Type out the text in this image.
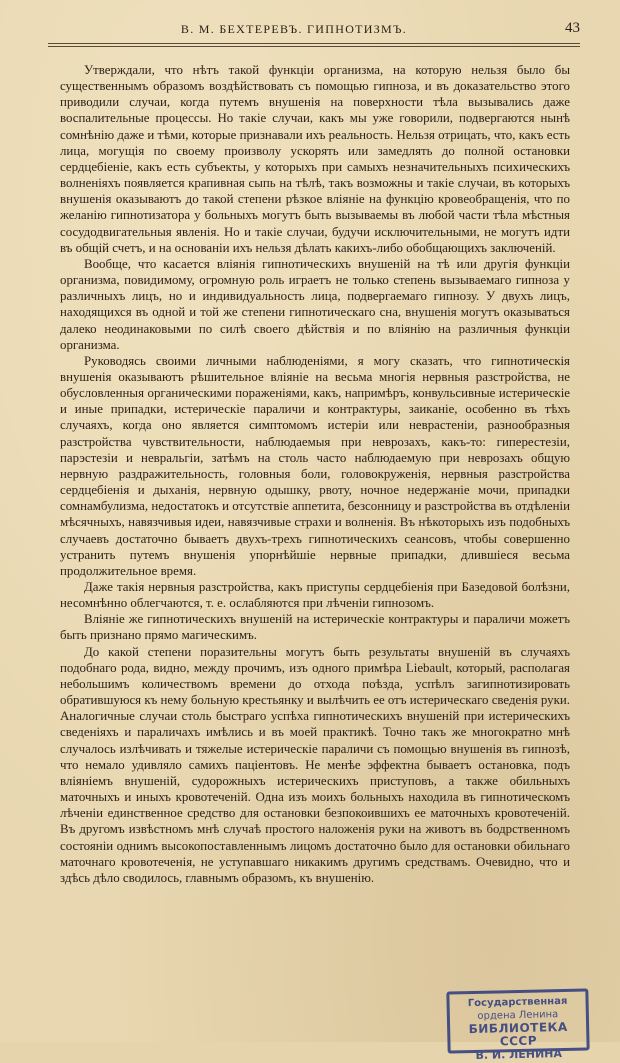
В. М. БЕХТЕРЕВЪ. ГИПНОТИЗМЪ.	43

Утверждали, что нѣтъ такой функціи организма, на которую нельзя было бы существеннымъ образомъ воздѣйствовать съ помощью гипноза, и въ доказательство этого приводили случаи, когда путемъ внушенія на поверхности тѣла вызывались даже воспалительные процессы. Но такіе случаи, какъ мы уже говорили, подвергаются нынѣ сомнѣнію даже и тѣми, которые признавали ихъ реальность. Нельзя отрицать, что, какъ есть лица, могущія по своему произволу ускорять или замедлять до полной остановки сердцебіеніе, какъ есть субъекты, у которыхъ при самыхъ незначительныхъ психическихъ волненіяхъ появляется крапивная сыпь на тѣлѣ, такъ возможны и такіе случаи, въ которыхъ внушенія оказываютъ до такой степени рѣзкое вліяніе на функцію кровеобращенія, что по желанію гипнотизатора у больныхъ могутъ быть вызываемы въ любой части тѣла мѣстныя сосудодвигательныя явленія. Но и такіе случаи, будучи исключительными, не могутъ идти въ общій счетъ, и на основаніи ихъ нельзя дѣлать какихъ-либо обобщающихъ заключеній.

Вообще, что касается вліянія гипнотическихъ внушеній на тѣ или другія функціи организма, повидимому, огромную роль играетъ не только степень вызываемаго гипноза у различныхъ лицъ, но и индивидуальность лица, подвергаемаго гипнозу. У двухъ лицъ, находящихся въ одной и той же степени гипнотическаго сна, внушенія могутъ оказываться далеко неодинаковыми по силѣ своего дѣйствія и по вліянію на различныя функціи организма.

Руководясь своими личными наблюденіями, я могу сказать, что гипнотическія внушенія оказываютъ рѣшительное вліяніе на весьма многія нервныя разстройства, не обусловленныя органическими пораженіями, какъ, напримѣръ, конвульсивные истерическіе и иные припадки, истерическіе параличи и контрактуры, заиканіе, особенно въ тѣхъ случаяхъ, когда оно является симптомомъ истеріи или неврастеніи, разнообразныя разстройства чувствительности, наблюдаемыя при неврозахъ, какъ-то: гиперестезіи, парэстезіи и невральгіи, затѣмъ на столь часто наблюдаемую при неврозахъ общую нервную раздражительность, головныя боли, головокруженія, нервныя разстройства сердцебіенія и дыханія, нервную одышку, рвоту, ночное недержаніе мочи, припадки сомнамбулизма, недостатокъ и отсутствіе аппетита, безсонницу и разстройства въ отдѣленіи мѣсячныхъ, навязчивыя идеи, навязчивые страхи и волненія. Въ нѣкоторыхъ изъ подобныхъ случаевъ достаточно бываетъ двухъ-трехъ гипнотическихъ сеансовъ, чтобы совершенно устранить путемъ внушенія упорнѣйшіе нервные припадки, длившіеся весьма продолжительное время.

Даже такія нервныя разстройства, какъ приступы сердцебіенія при Базедовой болѣзни, несомнѣнно облегчаются, т. е. ослабляются при лѣченіи гипнозомъ.

Вліяніе же гипнотическихъ внушеній на истерическіе контрактуры и параличи можетъ быть признано прямо магическимъ.

До какой степени поразительны могутъ быть результаты внушеній въ случаяхъ подобнаго рода, видно, между прочимъ, изъ одного примѣра Liebault, который, располагая небольшимъ количествомъ времени до отхода поѣзда, успѣлъ загипнотизировать обратившуюся къ нему больную крестьянку и вылѣчить ее отъ истерическаго сведенія руки. Аналогичные случаи столь быстраго успѣха гипнотическихъ внушеній при истерическихъ сведеніяхъ и параличахъ имѣлись и въ моей практикѣ. Точно такъ же многократно мнѣ случалось излѣчивать и тяжелые истерическіе параличи съ помощью внушенія въ гипнозѣ, что немало удивляло самихъ пацiентовъ. Не менѣе эффектна бываетъ остановка, подъ вліяніемъ внушеній, судорожныхъ истерическихъ приступовъ, а также обильныхъ маточныхъ и иныхъ кровотеченій. Одна изъ моихъ больныхъ находила въ гипнотическомъ лѣченіи единственное средство для остановки безпокоившихъ ее маточныхъ кровотеченій. Въ другомъ извѣстномъ мнѣ случаѣ простого наложенія руки на животъ въ бодрственномъ состояніи однимъ высокопоставленнымъ лицомъ достаточно было для остановки обильнаго маточнаго кровотеченія, не уступавшаго никакимъ другимъ средствамъ. Очевидно, что и здѣсь дѣло сводилось, главнымъ образомъ, къ внушенію.

Государственная
ордена Ленина
БИБЛИОТЕКА СССР
В. И. ЛЕНИНА
